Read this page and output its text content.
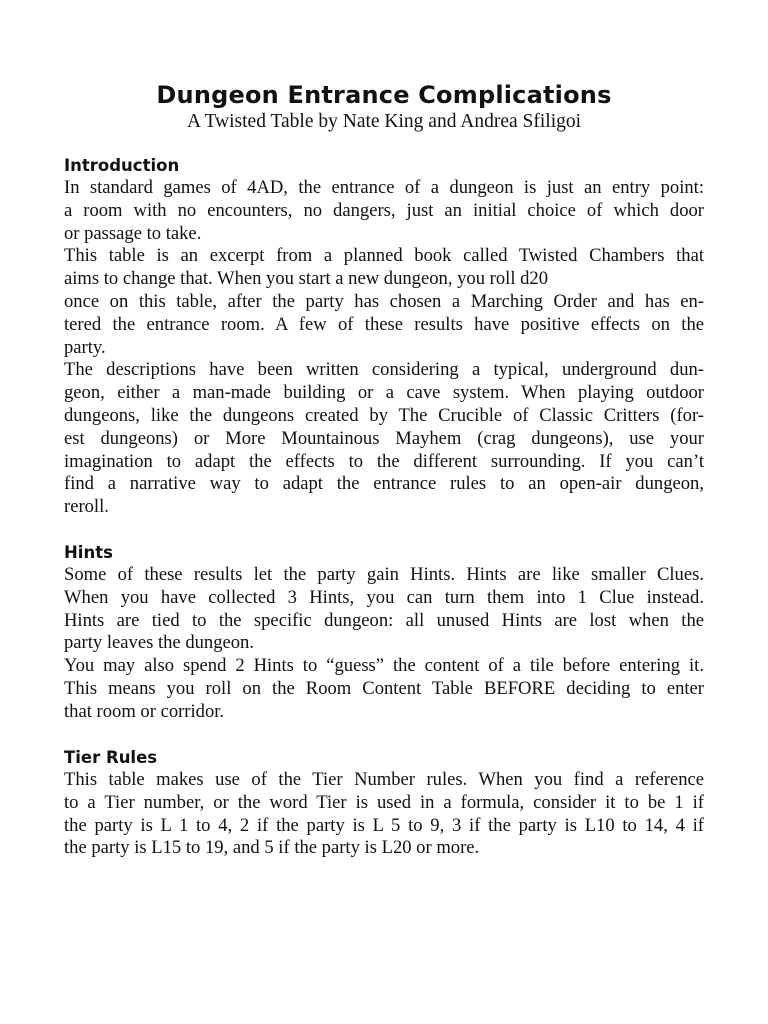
Dungeon Entrance Complications
A Twisted Table by Nate King and Andrea Sfiligoi
Introduction
In standard games of 4AD, the entrance of a dungeon is just an entry point:
a room with no encounters, no dangers, just an initial choice of which door
or passage to take.
This table is an excerpt from a planned book called Twisted Chambers that
aims to change that. When you start a new dungeon, you roll d20
once on this table, after the party has chosen a Marching Order and has en-
tered the entrance room. A few of these results have positive effects on the
party.
The descriptions have been written considering a typical, underground dun-
geon, either a man-made building or a cave system. When playing outdoor
dungeons, like the dungeons created by The Crucible of Classic Critters (for-
est dungeons) or More Mountainous Mayhem (crag dungeons), use your
imagination to adapt the effects to the different surrounding. If you can’t
find a narrative way to adapt the entrance rules to an open-air dungeon,
reroll.
Hints
Some of these results let the party gain Hints. Hints are like smaller Clues.
When you have collected 3 Hints, you can turn them into 1 Clue instead.
Hints are tied to the specific dungeon: all unused Hints are lost when the
party leaves the dungeon.
You may also spend 2 Hints to “guess” the content of a tile before entering it.
This means you roll on the Room Content Table BEFORE deciding to enter
that room or corridor.
Tier Rules
This table makes use of the Tier Number rules. When you find a reference
to a Tier number, or the word Tier is used in a formula, consider it to be 1 if
the party is L 1 to 4, 2 if the party is L 5 to 9, 3 if the party is L10 to 14, 4 if
the party is L15 to 19, and 5 if the party is L20 or more.
